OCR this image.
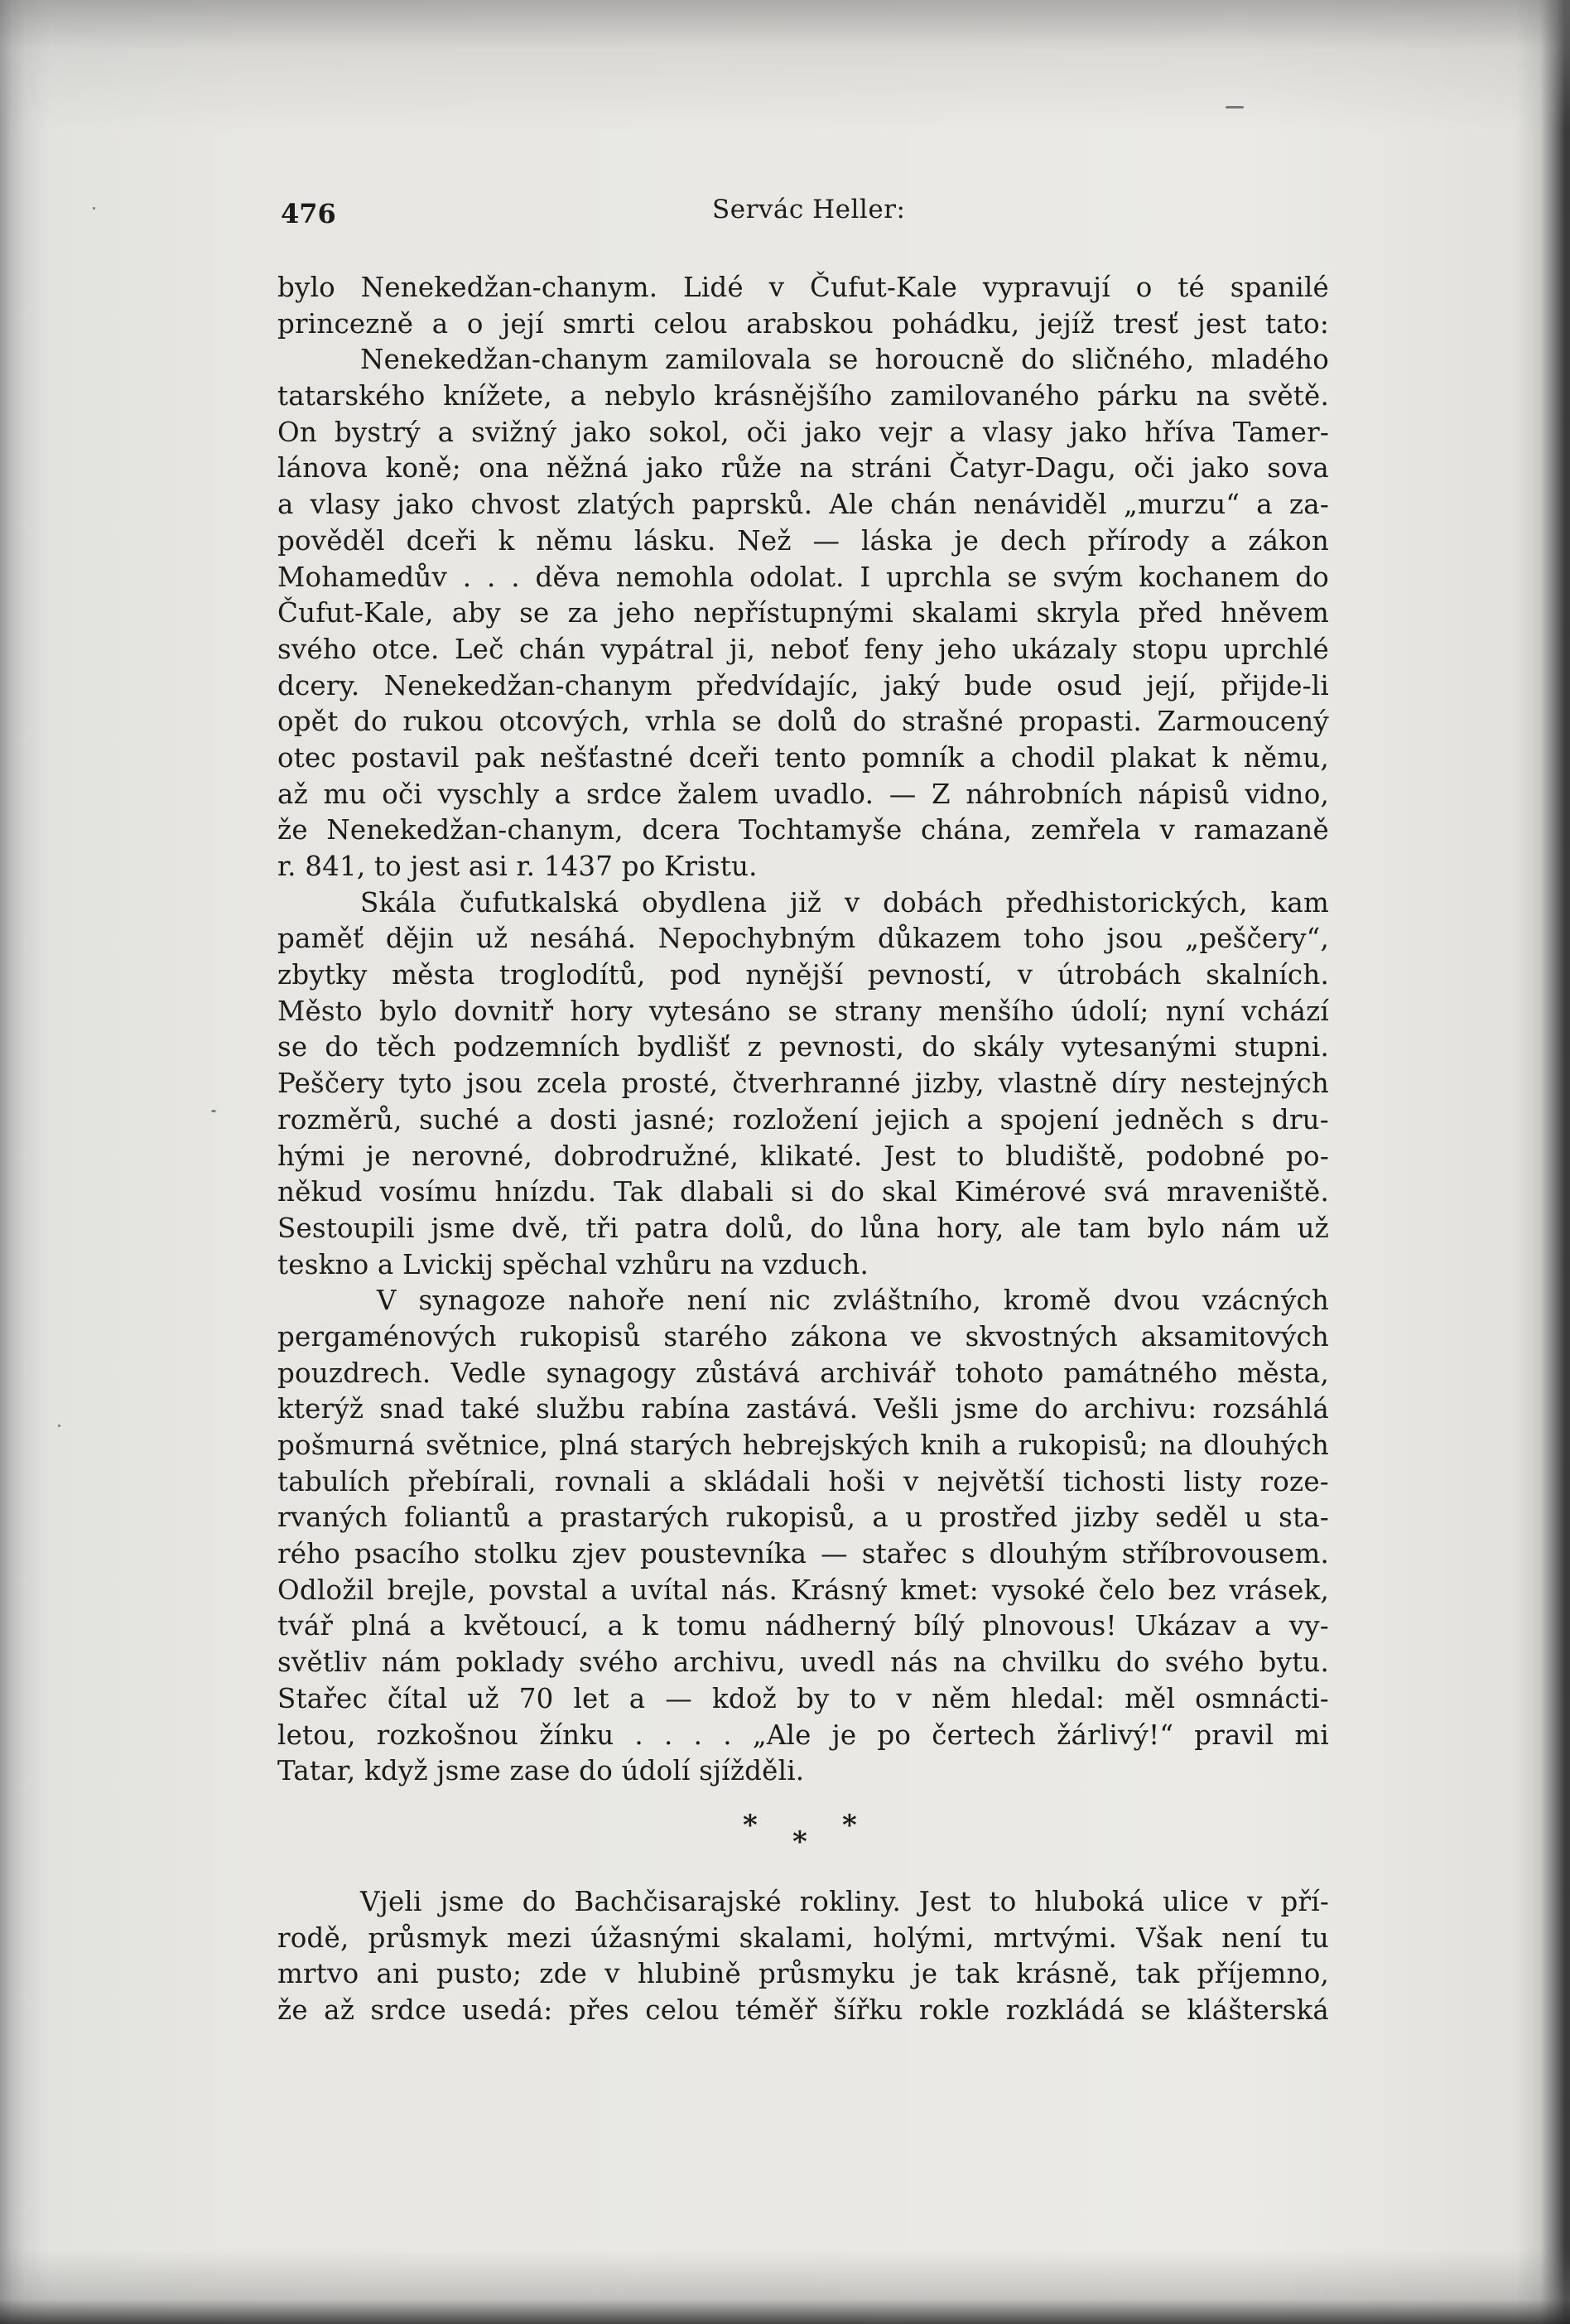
476	Servác Heller:
bylo Nenekedžan-chanym. Lidé v Čufut-Kale vypravují o té spanilé
princezně a o její smrti celou arabskou pohádku, jejíž tresť jest tato:
Nenekedžan-chanym zamilovala se horoucně do sličného, mladého
tatarského knížete, a nebylo krásnějšího zamilovaného párku na světě.
On bystrý a svižný jako sokol, oči jako vejr a vlasy jako hříva Tamer-
lánova koně; ona něžná jako růže na stráni Čatyr-Dagu, oči jako sova
a vlasy jako chvost zlatých paprsků. Ale chán nenáviděl „murzu“ a za-
pověděl dceři k němu lásku. Než — láska je dech přírody a zákon
Mohamedův . . . děva nemohla odolat. I uprchla se svým kochanem do
Čufut-Kale, aby se za jeho nepřístupnými skalami skryla před hněvem
svého otce. Leč chán vypátral ji, neboť feny jeho ukázaly stopu uprchlé
dcery. Nenekedžan-chanym předvídajíc, jaký bude osud její, přijde-li
opět do rukou otcových, vrhla se dolů do strašné propasti. Zarmoucený
otec postavil pak nešťastné dceři tento pomník a chodil plakat k němu,
až mu oči vyschly a srdce žalem uvadlo. — Z náhrobních nápisů vidno,
že Nenekedžan-chanym, dcera Tochtamyše chána, zemřela v ramazaně
r. 841, to jest asi r. 1437 po Kristu.
Skála čufutkalská obydlena již v dobách předhistorických, kam
paměť dějin už nesáhá. Nepochybným důkazem toho jsou „peščery“,
zbytky města troglodítů, pod nynější pevností, v útrobách skalních.
Město bylo dovnitř hory vytesáno se strany menšího údolí; nyní vchází
se do těch podzemních bydlišť z pevnosti, do skály vytesanými stupni.
Peščery tyto jsou zcela prosté, čtverhranné jizby, vlastně díry nestejných
rozměrů, suché a dosti jasné; rozložení jejich a spojení jedněch s dru-
hými je nerovné, dobrodružné, klikaté. Jest to bludiště, podobné po-
někud vosímu hnízdu. Tak dlabali si do skal Kimérové svá mraveniště.
Sestoupili jsme dvě, tři patra dolů, do lůna hory, ale tam bylo nám už
teskno a Lvickij spěchal vzhůru na vzduch.
V synagoze nahoře není nic zvláštního, kromě dvou vzácných
pergaménových rukopisů starého zákona ve skvostných aksamitových
pouzdrech. Vedle synagogy zůstává archivář tohoto památného města,
kterýž snad také službu rabína zastává. Vešli jsme do archivu: rozsáhlá
pošmurná světnice, plná starých hebrejských knih a rukopisů; na dlouhých
tabulích přebírali, rovnali a skládali hoši v největší tichosti listy roze-
rvaných foliantů a prastarých rukopisů, a u prostřed jizby seděl u sta-
rého psacího stolku zjev poustevníka — stařec s dlouhým stříbrovousem.
Odložil brejle, povstal a uvítal nás. Krásný kmet: vysoké čelo bez vrásek,
tvář plná a květoucí, a k tomu nádherný bílý plnovous! Ukázav a vy-
světliv nám poklady svého archivu, uvedl nás na chvilku do svého bytu.
Stařec čítal už 70 let a — kdož by to v něm hledal: měl osmnácti-
letou, rozkošnou žínku . . . . „Ale je po čertech žárlivý!“ pravil mi
Tatar, když jsme zase do údolí sjížděli.
* * *
Vjeli jsme do Bachčisarajské rokliny. Jest to hluboká ulice v pří-
rodě, průsmyk mezi úžasnými skalami, holými, mrtvými. Však není tu
mrtvo ani pusto; zde v hlubině průsmyku je tak krásně, tak příjemno,
že až srdce usedá: přes celou téměř šířku rokle rozkládá se klášterská
